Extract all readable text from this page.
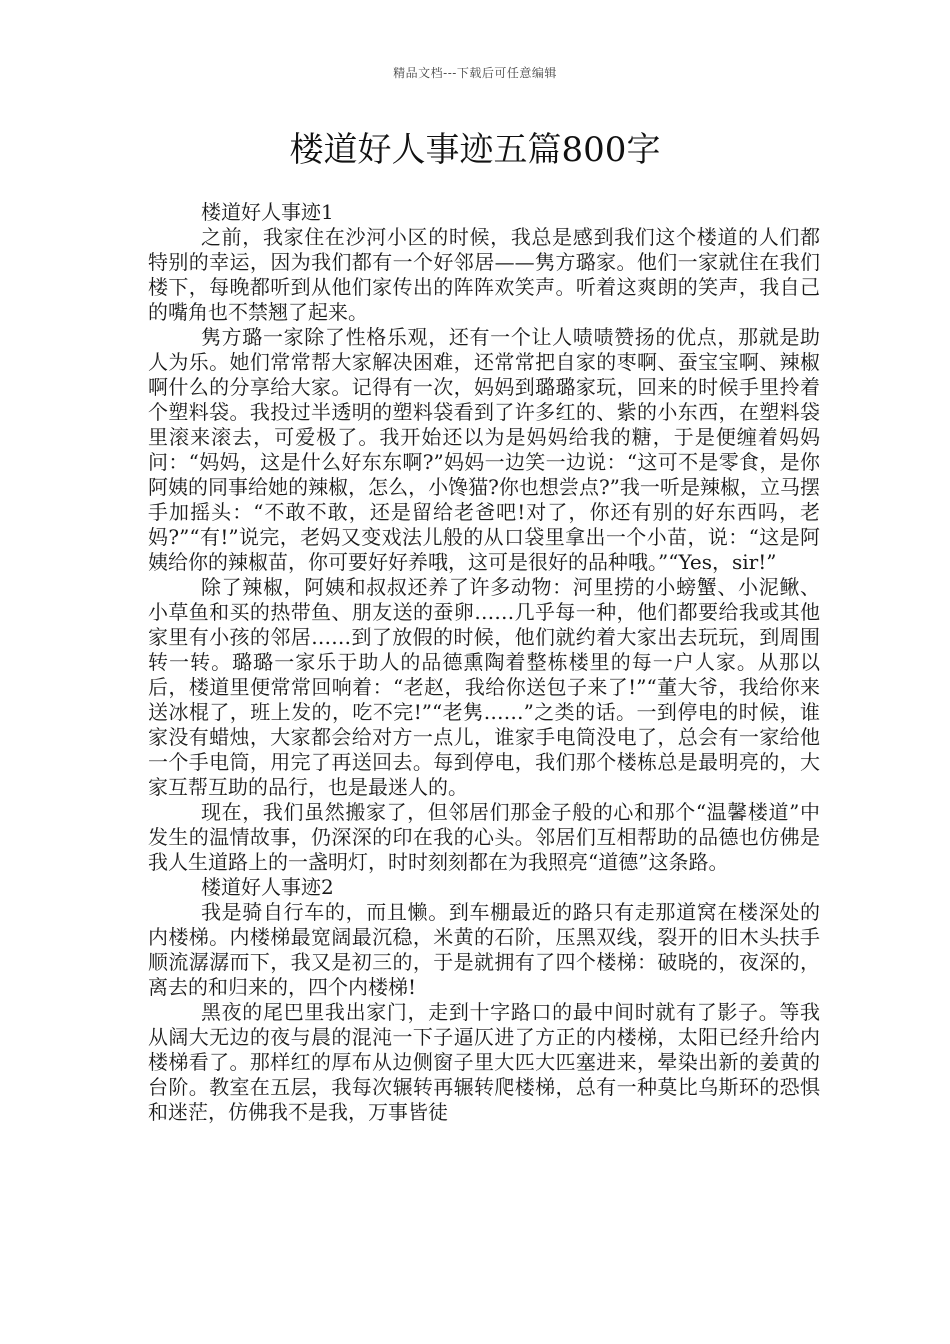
精品文档---下载后可任意编辑
楼道好人事迹五篇800字

楼道好人事迹1

之前，我家住在沙河小区的时候，我总是感到我们这个楼道的人们都特别的幸运，因为我们都有一个好邻居——隽方璐家。他们一家就住在我们楼下，每晚都听到从他们家传出的阵阵欢笑声。听着这爽朗的笑声，我自己的嘴角也不禁翘了起来。

隽方璐一家除了性格乐观，还有一个让人啧啧赞扬的优点，那就是助人为乐。她们常常帮大家解决困难，还常常把自家的枣啊、蚕宝宝啊、辣椒啊什么的分享给大家。记得有一次，妈妈到璐璐家玩，回来的时候手里拎着个塑料袋。我投过半透明的塑料袋看到了许多红的、紫的小东西，在塑料袋里滚来滚去，可爱极了。我开始还以为是妈妈给我的糖，于是便缠着妈妈问：“妈妈，这是什么好东东啊?”妈妈一边笑一边说：“这可不是零食，是你阿姨的同事给她的辣椒，怎么，小馋猫?你也想尝点?”我一听是辣椒，立马摆手加摇头：“不敢不敢，还是留给老爸吧!对了，你还有别的好东西吗，老妈?”“有!”说完，老妈又变戏法儿般的从口袋里拿出一个小苗，说：“这是阿姨给你的辣椒苗，你可要好好养哦，这可是很好的品种哦。”“Yes，sir!”

除了辣椒，阿姨和叔叔还养了许多动物：河里捞的小螃蟹、小泥鳅、小草鱼和买的热带鱼、朋友送的蚕卵……几乎每一种，他们都要给我或其他家里有小孩的邻居……到了放假的时候，他们就约着大家出去玩玩，到周围转一转。璐璐一家乐于助人的品德熏陶着整栋楼里的每一户人家。从那以后，楼道里便常常回响着：“老赵，我给你送包子来了!”“董大爷，我给你来送冰棍了，班上发的，吃不完!”“老隽……”之类的话。一到停电的时候，谁家没有蜡烛，大家都会给对方一点儿，谁家手电筒没电了，总会有一家给他一个手电筒，用完了再送回去。每到停电，我们那个楼栋总是最明亮的，大家互帮互助的品行，也是最迷人的。

现在，我们虽然搬家了，但邻居们那金子般的心和那个“温馨楼道”中发生的温情故事，仍深深的印在我的心头。邻居们互相帮助的品德也仿佛是我人生道路上的一盏明灯，时时刻刻都在为我照亮“道德”这条路。

楼道好人事迹2

我是骑自行车的，而且懒。到车棚最近的路只有走那道窝在楼深处的内楼梯。内楼梯最宽阔最沉稳，米黄的石阶，压黑双线，裂开的旧木头扶手顺流潺潺而下，我又是初三的，于是就拥有了四个楼梯：破晓的，夜深的，离去的和归来的，四个内楼梯!

黑夜的尾巴里我出家门，走到十字路口的最中间时就有了影子。等我从阔大无边的夜与晨的混沌一下子逼仄进了方正的内楼梯，太阳已经升给内楼梯看了。那样红的厚布从边侧窗子里大匹大匹塞进来，晕染出新的姜黄的台阶。教室在五层，我每次辗转再辗转爬楼梯，总有一种莫比乌斯环的恐惧和迷茫，仿佛我不是我，万事皆徒
